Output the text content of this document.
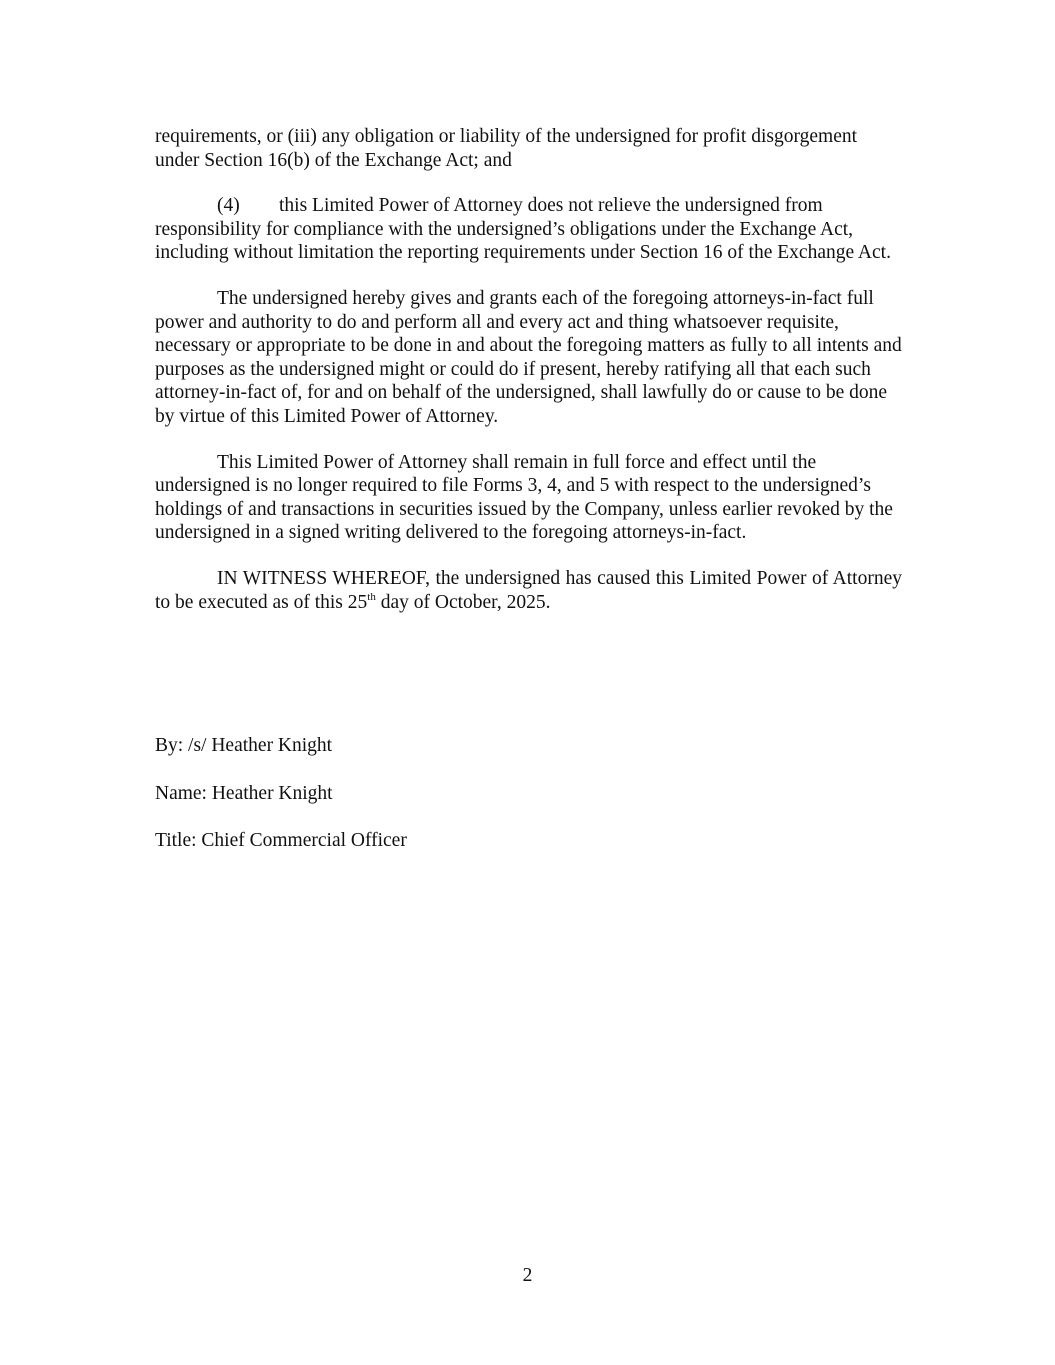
requirements, or (iii) any obligation or liability of the undersigned for profit disgorgement under Section 16(b) of the Exchange Act; and

(4) this Limited Power of Attorney does not relieve the undersigned from responsibility for compliance with the undersigned’s obligations under the Exchange Act, including without limitation the reporting requirements under Section 16 of the Exchange Act.

The undersigned hereby gives and grants each of the foregoing attorneys-in-fact full power and authority to do and perform all and every act and thing whatsoever requisite, necessary or appropriate to be done in and about the foregoing matters as fully to all intents and purposes as the undersigned might or could do if present, hereby ratifying all that each such attorney-in-fact of, for and on behalf of the undersigned, shall lawfully do or cause to be done by virtue of this Limited Power of Attorney.

This Limited Power of Attorney shall remain in full force and effect until the undersigned is no longer required to file Forms 3, 4, and 5 with respect to the undersigned’s holdings of and transactions in securities issued by the Company, unless earlier revoked by the undersigned in a signed writing delivered to the foregoing attorneys-in-fact.

IN WITNESS WHEREOF, the undersigned has caused this Limited Power of Attorney to be executed as of this 25th day of October, 2025.

By: /s/ Heather Knight
Name: Heather Knight
Title: Chief Commercial Officer
2
